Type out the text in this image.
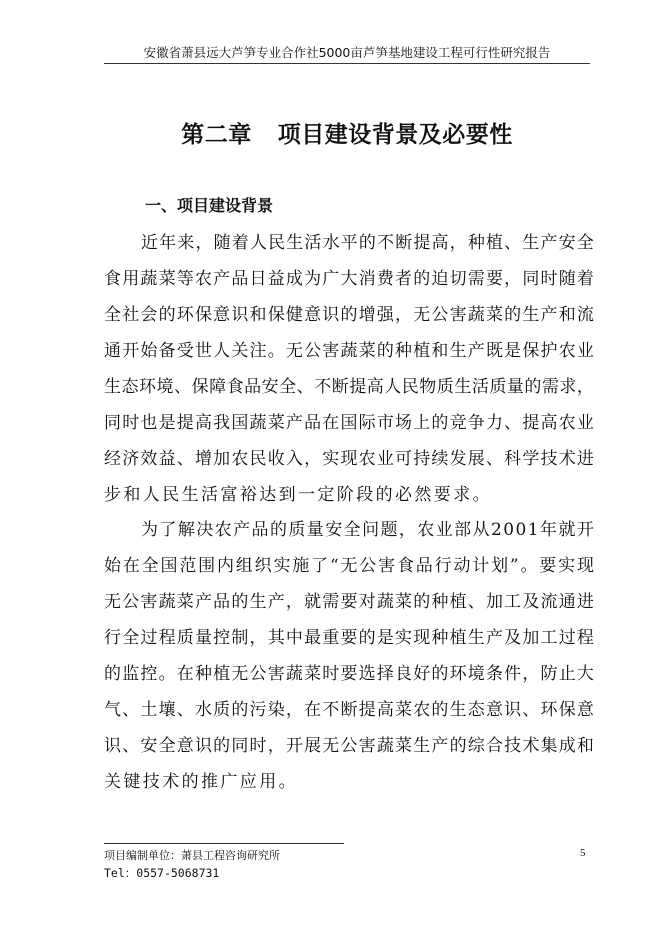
安徽省萧县远大芦笋专业合作社5000亩芦笋基地建设工程可行性研究报告
第二章 项目建设背景及必要性
一、项目建设背景
近 年 来 ， 随 着 人 民 生 活 水 平 的 不 断 提 高 ， 种 植 、 生 产 安 全
食 用 蔬 菜 等 农 产 品 日 益 成 为 广 大 消 费 者 的 迫 切 需 要 ， 同 时 随 着
全 社 会 的 环 保 意 识 和 保 健 意 识 的 增 强 ， 无 公 害 蔬 菜 的 生 产 和 流
通 开 始 备 受 世 人 关 注 。 无 公 害 蔬 菜 的 种 植 和 生 产 既 是 保 护 农 业
生 态 环 境 、 保 障 食 品 安 全 、 不 断 提 高 人 民 物 质 生 活 质 量 的 需 求 ，
同 时 也 是 提 高 我 国 蔬 菜 产 品 在 国 际 市 场 上 的 竞 争 力 、 提 高 农 业
经 济 效 益 、 增 加 农 民 收 入 ， 实 现 农 业 可 持 续 发 展 、 科 学 技 术 进
步和人民生活富裕达到一定阶段的必然要求。
为 了 解 决 农 产 品 的 质 量 安 全 问 题 ， 农 业 部 从 2 0 0 1 年 就 开
始 在 全 国 范 围 内 组 织 实 施 了 “ 无 公 害 食 品 行 动 计 划 ” 。 要 实 现
无 公 害 蔬 菜 产 品 的 生 产 ， 就 需 要 对 蔬 菜 的 种 植 、 加 工 及 流 通 进
行 全 过 程 质 量 控 制 ， 其 中 最 重 要 的 是 实 现 种 植 生 产 及 加 工 过 程
的 监 控 。 在 种 植 无 公 害 蔬 菜 时 要 选 择 良 好 的 环 境 条 件 ， 防 止 大
气 、 土 壤 、 水 质 的 污 染 ， 在 不 断 提 高 菜 农 的 生 态 意 识 、 环 保 意
识 、 安 全 意 识 的 同 时 ， 开 展 无 公 害 蔬 菜 生 产 的 综 合 技 术 集 成 和
关键技术的推广应用。
项目编制单位：萧县工程咨询研究所
Tel：0557-5068731
5
